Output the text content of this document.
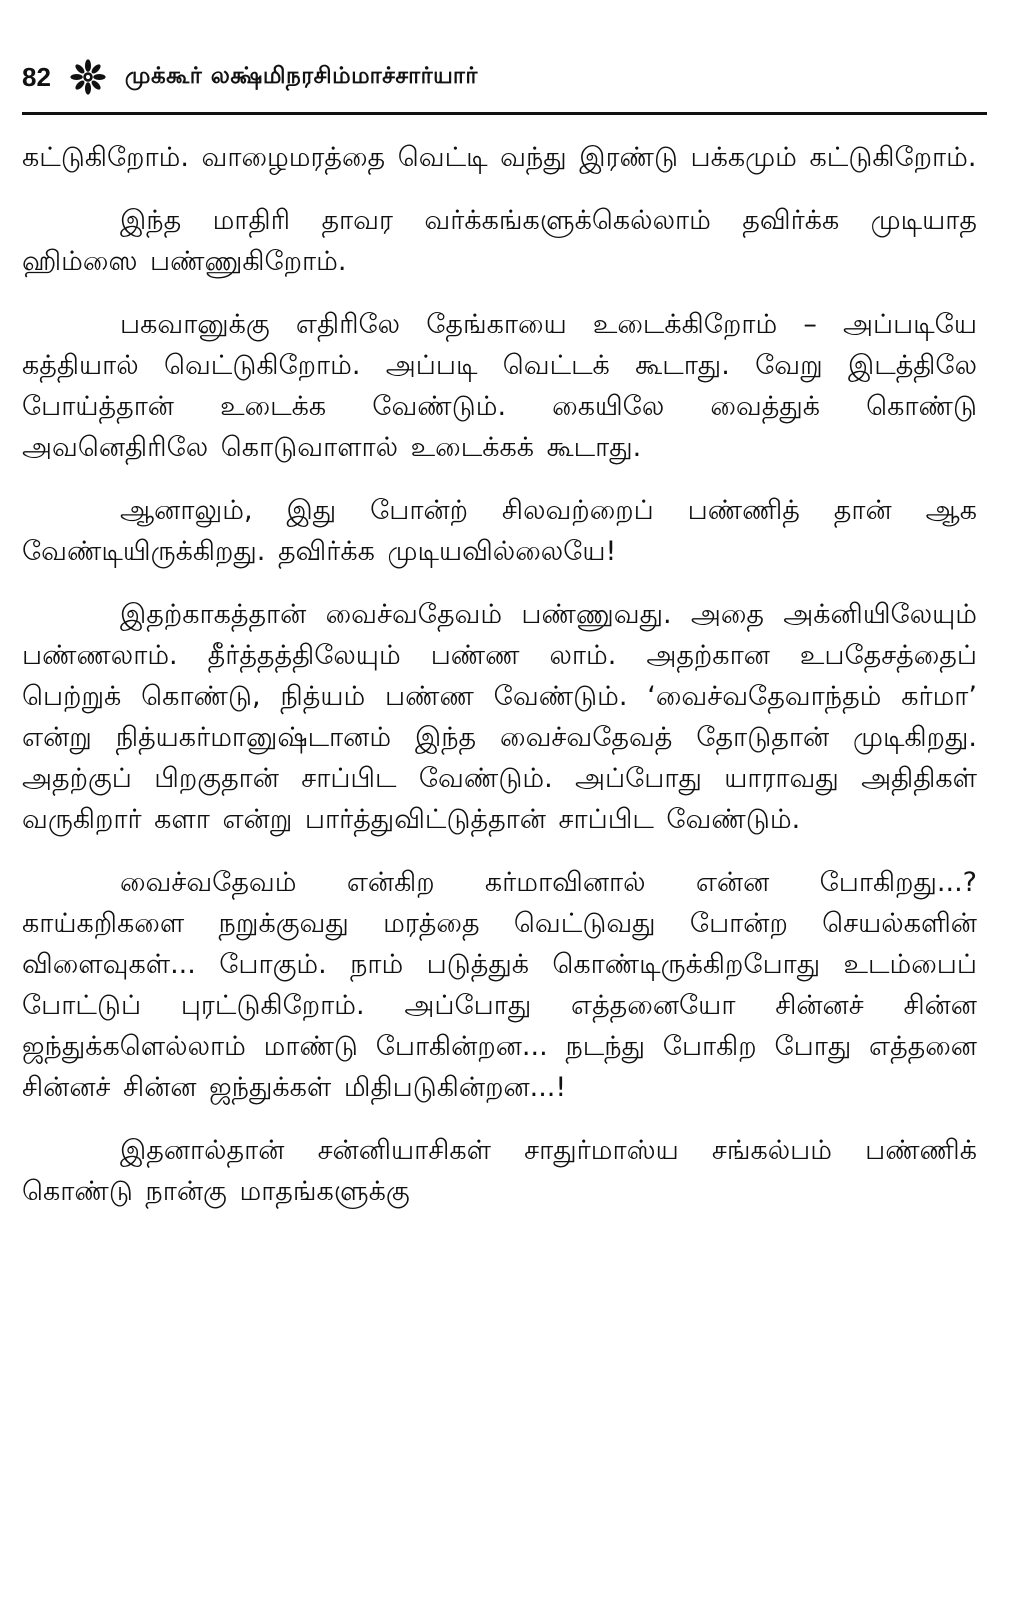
82	முக்கூர் லக்ஷ்மிநரசிம்மாச்சார்யார்

கட்டுகிறோம். வாழைமரத்தை வெட்டி வந்து இரண்டு பக்கமும் கட்டுகிறோம்.

இந்த மாதிரி தாவர வர்க்கங்களுக்கெல்லாம் தவிர்க்க முடியாத ஹிம்ஸை பண்ணுகிறோம்.

பகவானுக்கு எதிரிலே தேங்காயை உடைக்கிறோம் – அப்படியே கத்தியால் வெட்டுகிறோம். அப்படி வெட்டக் கூடாது. வேறு இடத்திலே போய்த்தான் உடைக்க வேண்டும். கையிலே வைத்துக் கொண்டு அவனெதிரிலே கொடுவாளால் உடைக்கக் கூடாது.

ஆனாலும், இது போன்ற் சிலவற்றைப் பண்ணித் தான் ஆக வேண்டியிருக்கிறது. தவிர்க்க முடியவில்லையே!

இதற்காகத்தான் வைச்வதேவம் பண்ணுவது. அதை அக்னியிலேயும் பண்ணலாம். தீர்த்தத்திலேயும் பண்ண லாம். அதற்கான உபதேசத்தைப் பெற்றுக் கொண்டு, நித்யம் பண்ண வேண்டும். ‘வைச்வதேவாந்தம் கர்மா’ என்று நித்யகர்மானுஷ்டானம் இந்த வைச்வதேவத் தோடுதான் முடிகிறது. அதற்குப் பிறகுதான் சாப்பிட வேண்டும். அப்போது யாராவது அதிதிகள் வருகிறார் களா என்று பார்த்துவிட்டுத்தான் சாப்பிட வேண்டும்.

வைச்வதேவம் என்கிற கர்மாவினால் என்ன போகிறது...? காய்கறிகளை நறுக்குவது மரத்தை வெட்டுவது போன்ற செயல்களின் விளைவுகள்... போகும். நாம் படுத்துக் கொண்டிருக்கிறபோது உடம்பைப் போட்டுப் புரட்டுகிறோம். அப்போது எத்தனையோ சின்னச் சின்ன ஜந்துக்களெல்லாம் மாண்டு போகின்றன... நடந்து போகிற போது எத்தனை சின்னச் சின்ன ஜந்துக்கள் மிதிபடுகின்றன...!

இதனால்தான் சன்னியாசிகள் சாதுர்மாஸ்ய சங்கல்பம் பண்ணிக் கொண்டு நான்கு மாதங்களுக்கு
